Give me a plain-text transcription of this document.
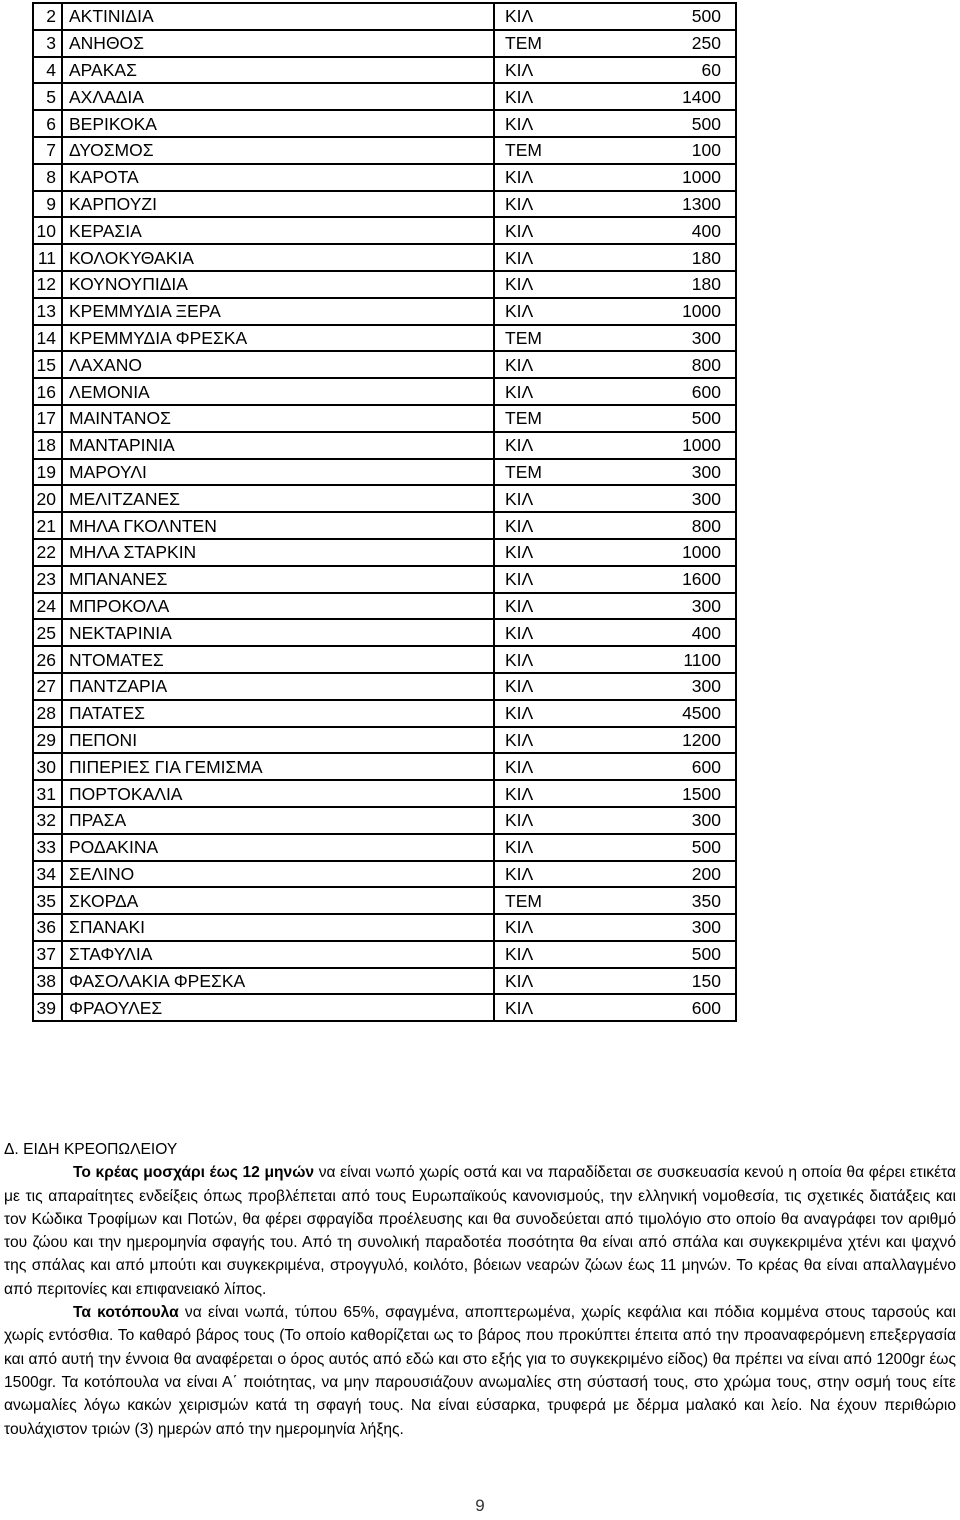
2	ΑΚΤΙΝΙΔΙΑ	ΚΙΛ	500
3	ΑΝΗΘΟΣ	ΤΕΜ	250
4	ΑΡΑΚΑΣ	ΚΙΛ	60
5	ΑΧΛΑΔΙΑ	ΚΙΛ	1400
6	ΒΕΡΙΚΟΚΑ	ΚΙΛ	500
7	ΔΥΟΣΜΟΣ	ΤΕΜ	100
8	ΚΑΡΟΤΑ	ΚΙΛ	1000
9	ΚΑΡΠΟΥΖΙ	ΚΙΛ	1300
10	ΚΕΡΑΣΙΑ	ΚΙΛ	400
11	ΚΟΛΟΚΥΘΑΚΙΑ	ΚΙΛ	180
12	ΚΟΥΝΟΥΠΙΔΙΑ	ΚΙΛ	180
13	ΚΡΕΜΜΥΔΙΑ ΞΕΡΑ	ΚΙΛ	1000
14	ΚΡΕΜΜΥΔΙΑ ΦΡΕΣΚΑ	ΤΕΜ	300
15	ΛΑΧΑΝΟ	ΚΙΛ	800
16	ΛΕΜΟΝΙΑ	ΚΙΛ	600
17	ΜΑΙΝΤΑΝΟΣ	ΤΕΜ	500
18	ΜΑΝΤΑΡΙΝΙΑ	ΚΙΛ	1000
19	ΜΑΡΟΥΛΙ	ΤΕΜ	300
20	ΜΕΛΙΤΖΑΝΕΣ	ΚΙΛ	300
21	ΜΗΛΑ ΓΚΟΛΝΤΕΝ	ΚΙΛ	800
22	ΜΗΛΑ ΣΤΑΡΚΙΝ	ΚΙΛ	1000
23	ΜΠΑΝΑΝΕΣ	ΚΙΛ	1600
24	ΜΠΡΟΚΟΛΑ	ΚΙΛ	300
25	ΝΕΚΤΑΡΙΝΙΑ	ΚΙΛ	400
26	ΝΤΟΜΑΤΕΣ	ΚΙΛ	1100
27	ΠΑΝΤΖΑΡΙΑ	ΚΙΛ	300
28	ΠΑΤΑΤΕΣ	ΚΙΛ	4500
29	ΠΕΠΟΝΙ	ΚΙΛ	1200
30	ΠΙΠΕΡΙΕΣ ΓΙΑ ΓΕΜΙΣΜΑ	ΚΙΛ	600
31	ΠΟΡΤΟΚΑΛΙΑ	ΚΙΛ	1500
32	ΠΡΑΣΑ	ΚΙΛ	300
33	ΡΟΔΑΚΙΝΑ	ΚΙΛ	500
34	ΣΕΛΙΝΟ	ΚΙΛ	200
35	ΣΚΟΡΔΑ	ΤΕΜ	350
36	ΣΠΑΝΑΚΙ	ΚΙΛ	300
37	ΣΤΑΦΥΛΙΑ	ΚΙΛ	500
38	ΦΑΣΟΛΑΚΙΑ ΦΡΕΣΚΑ	ΚΙΛ	150
39	ΦΡΑΟΥΛΕΣ	ΚΙΛ	600

Δ. ΕΙΔΗ ΚΡΕΟΠΩΛΕΙΟΥ

Το κρέας μοσχάρι έως 12 μηνών να είναι νωπό χωρίς οστά και να παραδίδεται σε συσκευασία κενού η οποία θα φέρει ετικέτα με τις απαραίτητες ενδείξεις όπως προβλέπεται από τους Ευρωπαϊκούς κανονισμούς, την ελληνική νομοθεσία, τις σχετικές διατάξεις και τον Κώδικα Τροφίμων και Ποτών, θα φέρει σφραγίδα προέλευσης και θα συνοδεύεται από τιμολόγιο στο οποίο θα αναγράφει τον αριθμό του ζώου και την ημερομηνία σφαγής του. Από τη συνολική παραδοτέα ποσότητα θα είναι από σπάλα και συγκεκριμένα χτένι και ψαχνό της σπάλας και από μπούτι και συγκεκριμένα, στρογγυλό, κοιλότο, βόειων νεαρών ζώων έως 11 μηνών. Το κρέας θα είναι απαλλαγμένο από περιτονίες και επιφανειακό λίπος.

Τα κοτόπουλα να είναι νωπά, τύπου 65%, σφαγμένα, αποπτερωμένα, χωρίς κεφάλια και πόδια κομμένα στους ταρσούς και χωρίς εντόσθια. Το καθαρό βάρος τους (Το οποίο καθορίζεται ως το βάρος που προκύπτει έπειτα από την προαναφερόμενη επεξεργασία και από αυτή την έννοια θα αναφέρεται ο όρος αυτός από εδώ και στο εξής για το συγκεκριμένο είδος) θα πρέπει να είναι από 1200gr έως 1500gr. Τα κοτόπουλα να είναι Α΄ ποιότητας, να μην παρουσιάζουν ανωμαλίες στη σύστασή τους, στο χρώμα τους, στην οσμή τους είτε ανωμαλίες λόγω κακών χειρισμών κατά τη σφαγή τους. Να είναι εύσαρκα, τρυφερά με δέρμα μαλακό και λείο. Να έχουν περιθώριο τουλάχιστον τριών (3) ημερών από την ημερομηνία λήξης.

9
